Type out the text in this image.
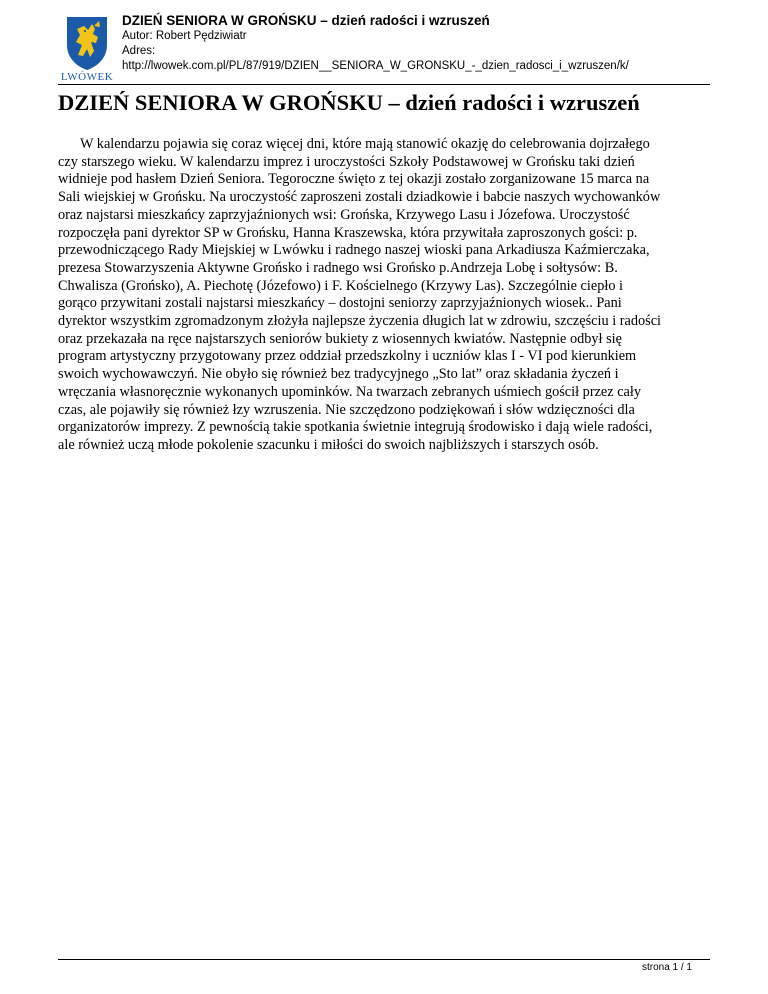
LWÓWEK
DZIEŃ SENIORA W GROŃSKU – dzień radości i wzruszeń
Autor: Robert Pędziwiatr
Adres:
http://lwowek.com.pl/PL/87/919/DZIEN__SENIORA_W_GRONSKU_-_dzien_radosci_i_wzruszen/k/
DZIEŃ SENIORA W GROŃSKU – dzień radości i wzruszeń
W kalendarzu pojawia się coraz więcej dni, które mają stanowić okazję do celebrowania dojrzałego
czy starszego wieku. W kalendarzu imprez i uroczystości Szkoły Podstawowej w Grońsku taki dzień
widnieje pod hasłem Dzień Seniora. Tegoroczne święto z tej okazji zostało zorganizowane 15 marca na
Sali wiejskiej w Grońsku. Na uroczystość zaproszeni zostali dziadkowie i babcie naszych wychowanków
oraz najstarsi mieszkańcy zaprzyjaźnionych wsi: Grońska, Krzywego Lasu i Józefowa. Uroczystość
rozpoczęła pani dyrektor SP w Grońsku, Hanna Kraszewska, która przywitała zaproszonych gości: p.
przewodniczącego Rady Miejskiej w Lwówku i radnego naszej wioski pana Arkadiusza Kaźmierczaka,
prezesa Stowarzyszenia Aktywne Grońsko i radnego wsi Grońsko p.Andrzeja Lobę i sołtysów: B.
Chwalisza (Grońsko), A. Piechotę (Józefowo) i F. Kościelnego (Krzywy Las). Szczególnie ciepło i
gorąco przywitani zostali najstarsi mieszkańcy – dostojni seniorzy zaprzyjaźnionych wiosek.. Pani
dyrektor wszystkim zgromadzonym złożyła najlepsze życzenia długich lat w zdrowiu, szczęściu i radości
oraz przekazała na ręce najstarszych seniorów bukiety z wiosennych kwiatów. Następnie odbył się
program artystyczny przygotowany przez oddział przedszkolny i uczniów klas I - VI pod kierunkiem
swoich wychowawczyń. Nie obyło się również bez tradycyjnego „Sto lat” oraz składania życzeń i
wręczania własnoręcznie wykonanych upominków. Na twarzach zebranych uśmiech gościł przez cały
czas, ale pojawiły się również łzy wzruszenia. Nie szczędzono podziękowań i słów wdzięczności dla
organizatorów imprezy. Z pewnością takie spotkania świetnie integrują środowisko i dają wiele radości,
ale również uczą młode pokolenie szacunku i miłości do swoich najbliższych i starszych osób.
strona 1 / 1
